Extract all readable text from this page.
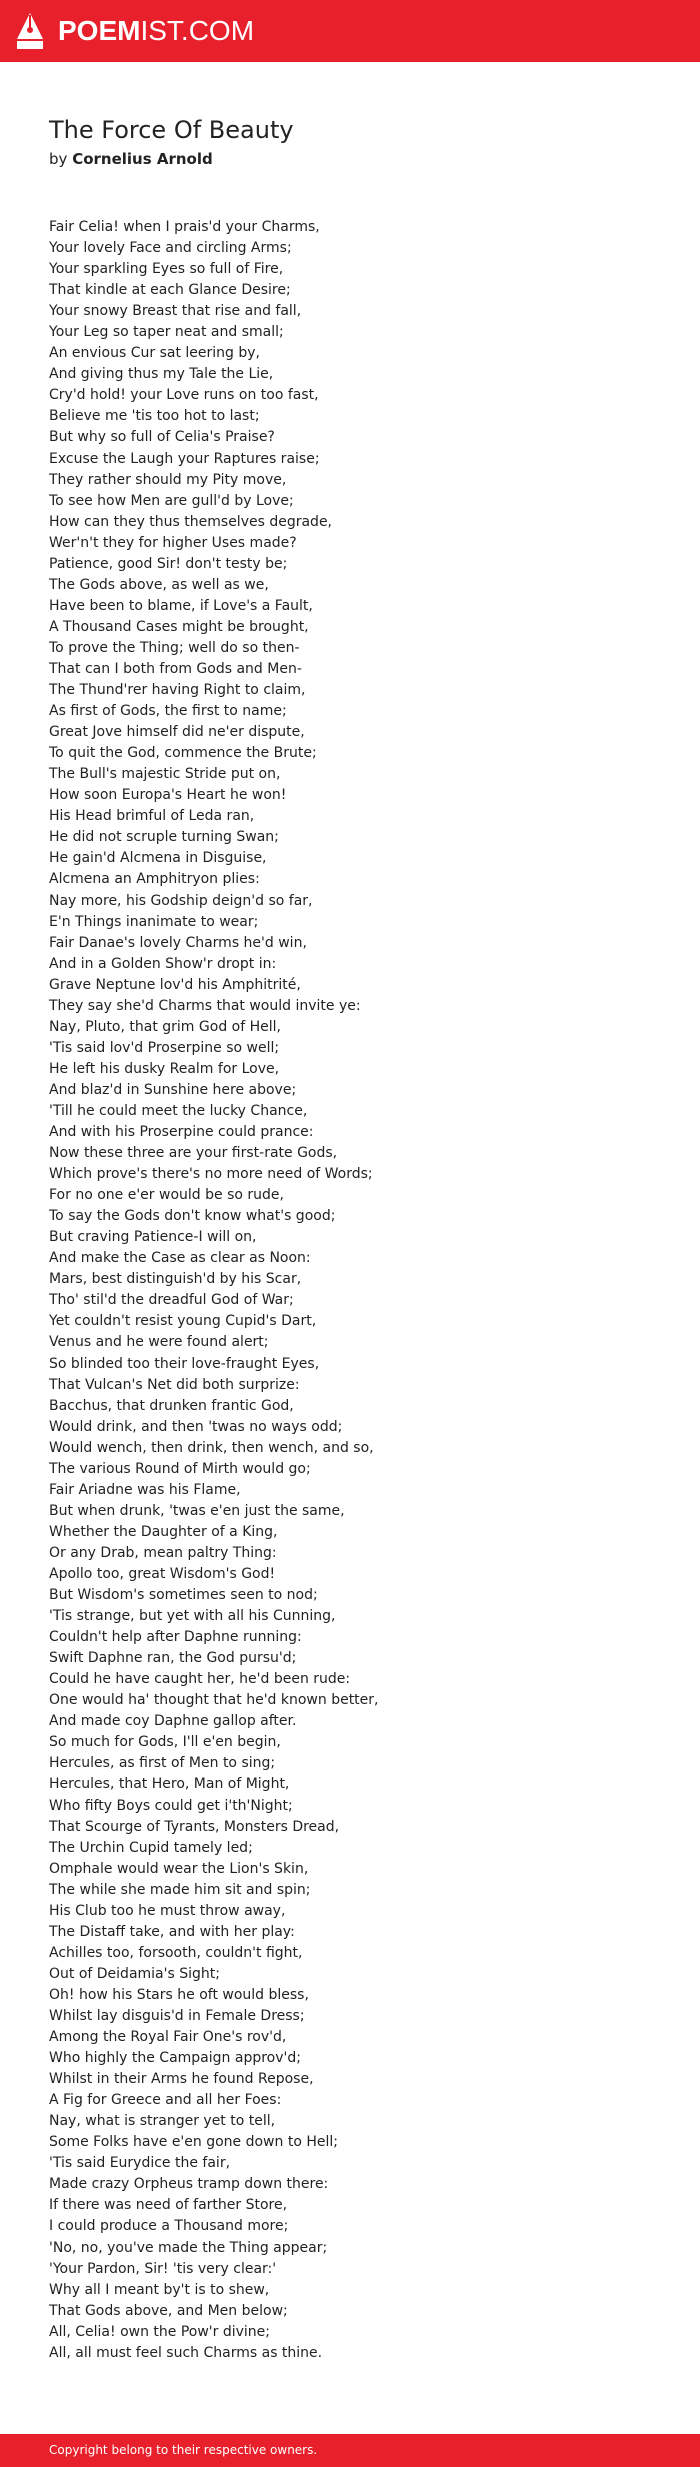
POEMIST.COM
The Force Of Beauty
by Cornelius Arnold
Fair Celia! when I prais'd your Charms,
Your lovely Face and circling Arms;
Your sparkling Eyes so full of Fire,
That kindle at each Glance Desire;
Your snowy Breast that rise and fall,
Your Leg so taper neat and small;
An envious Cur sat leering by,
And giving thus my Tale the Lie,
Cry'd hold! your Love runs on too fast,
Believe me 'tis too hot to last;
But why so full of Celia's Praise?
Excuse the Laugh your Raptures raise;
They rather should my Pity move,
To see how Men are gull'd by Love;
How can they thus themselves degrade,
Wer'n't they for higher Uses made?
Patience, good Sir! don't testy be;
The Gods above, as well as we,
Have been to blame, if Love's a Fault,
A Thousand Cases might be brought,
To prove the Thing; well do so then-
That can I both from Gods and Men-
The Thund'rer having Right to claim,
As first of Gods, the first to name;
Great Jove himself did ne'er dispute,
To quit the God, commence the Brute;
The Bull's majestic Stride put on,
How soon Europa's Heart he won!
His Head brimful of Leda ran,
He did not scruple turning Swan;
He gain'd Alcmena in Disguise,
Alcmena an Amphitryon plies:
Nay more, his Godship deign'd so far,
E'n Things inanimate to wear;
Fair Danae's lovely Charms he'd win,
And in a Golden Show'r dropt in:
Grave Neptune lov'd his Amphitrité,
They say she'd Charms that would invite ye:
Nay, Pluto, that grim God of Hell,
'Tis said lov'd Proserpine so well;
He left his dusky Realm for Love,
And blaz'd in Sunshine here above;
'Till he could meet the lucky Chance,
And with his Proserpine could prance:
Now these three are your first-rate Gods,
Which prove's there's no more need of Words;
For no one e'er would be so rude,
To say the Gods don't know what's good;
But craving Patience-I will on,
And make the Case as clear as Noon:
Mars, best distinguish'd by his Scar,
Tho' stil'd the dreadful God of War;
Yet couldn't resist young Cupid's Dart,
Venus and he were found alert;
So blinded too their love-fraught Eyes,
That Vulcan's Net did both surprize:
Bacchus, that drunken frantic God,
Would drink, and then 'twas no ways odd;
Would wench, then drink, then wench, and so,
The various Round of Mirth would go;
Fair Ariadne was his Flame,
But when drunk, 'twas e'en just the same,
Whether the Daughter of a King,
Or any Drab, mean paltry Thing:
Apollo too, great Wisdom's God!
But Wisdom's sometimes seen to nod;
'Tis strange, but yet with all his Cunning,
Couldn't help after Daphne running:
Swift Daphne ran, the God pursu'd;
Could he have caught her, he'd been rude:
One would ha' thought that he'd known better,
And made coy Daphne gallop after.
So much for Gods, I'll e'en begin,
Hercules, as first of Men to sing;
Hercules, that Hero, Man of Might,
Who fifty Boys could get i'th'Night;
That Scourge of Tyrants, Monsters Dread,
The Urchin Cupid tamely led;
Omphale would wear the Lion's Skin,
The while she made him sit and spin;
His Club too he must throw away,
The Distaff take, and with her play:
Achilles too, forsooth, couldn't fight,
Out of Deidamia's Sight;
Oh! how his Stars he oft would bless,
Whilst lay disguis'd in Female Dress;
Among the Royal Fair One's rov'd,
Who highly the Campaign approv'd;
Whilst in their Arms he found Repose,
A Fig for Greece and all her Foes:
Nay, what is stranger yet to tell,
Some Folks have e'en gone down to Hell;
'Tis said Eurydice the fair,
Made crazy Orpheus tramp down there:
If there was need of farther Store,
I could produce a Thousand more;
'No, no, you've made the Thing appear;
'Your Pardon, Sir! 'tis very clear:'
Why all I meant by't is to shew,
That Gods above, and Men below;
All, Celia! own the Pow'r divine;
All, all must feel such Charms as thine.
Copyright belong to their respective owners.
